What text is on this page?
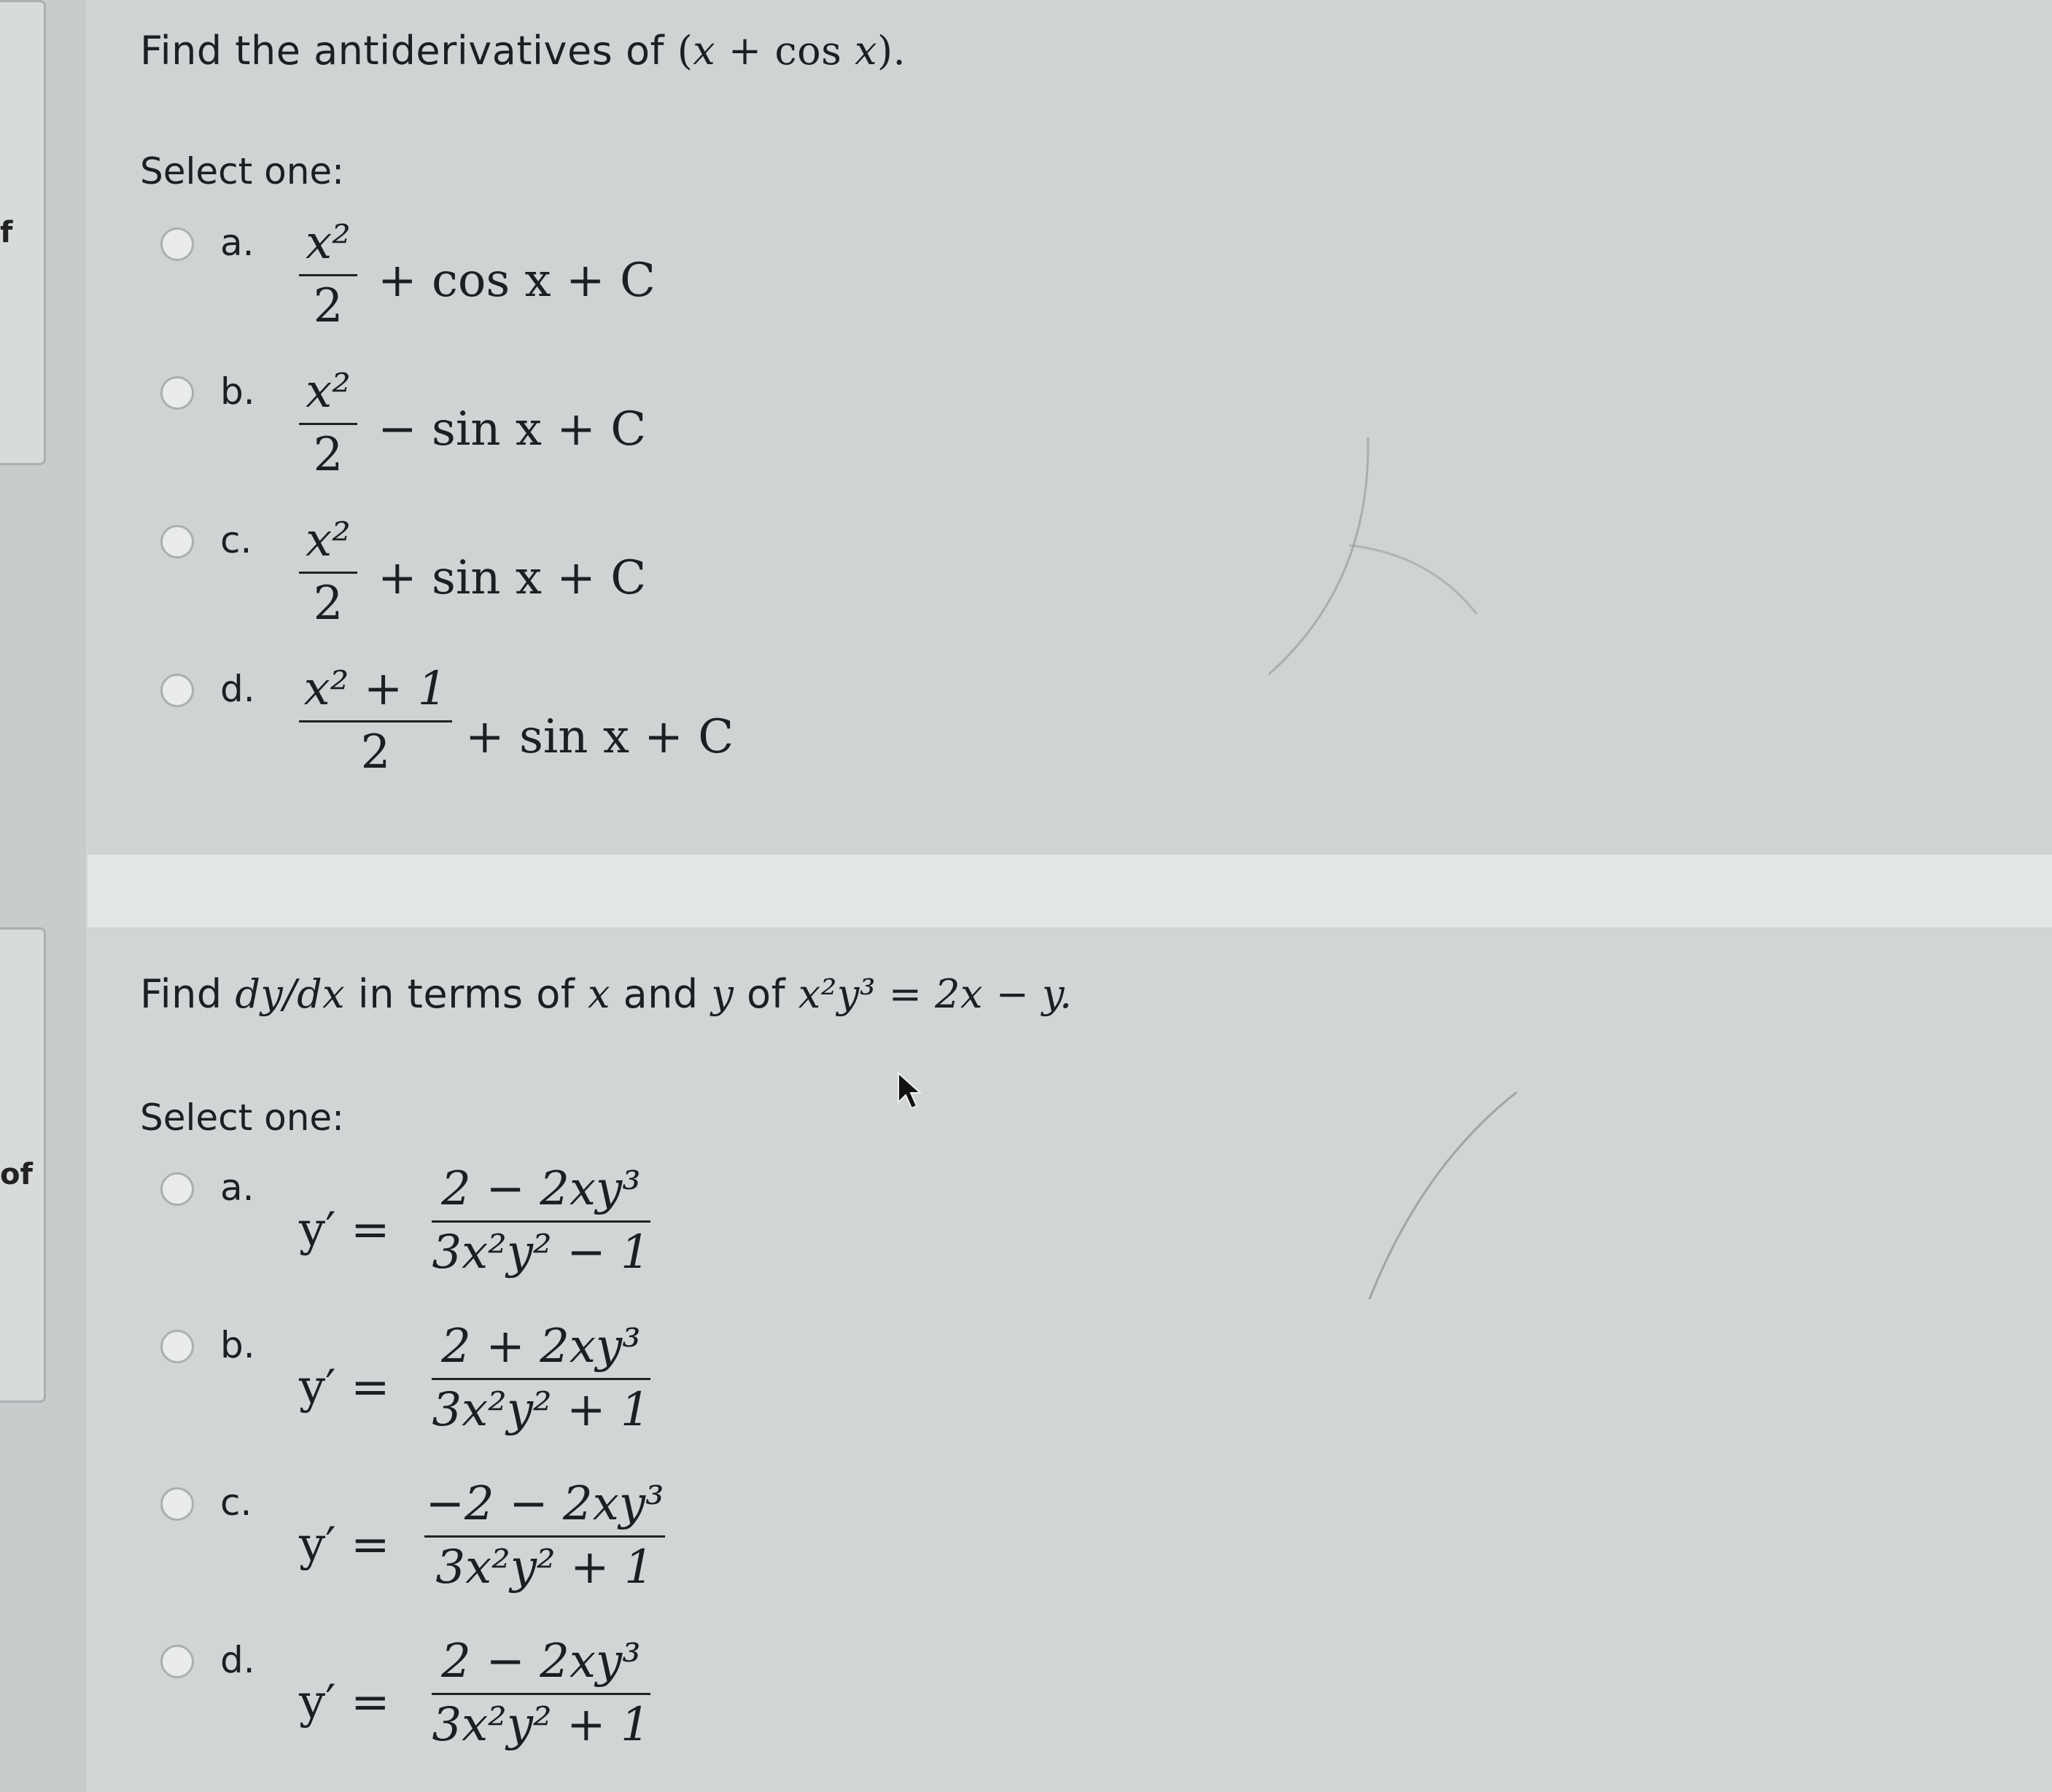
f
of
Find the antiderivatives of (x + cos x).
Select one:
a. x²
2 + cos x + C
b. x²
2 − sin x + C
c. x²
2 + sin x + C
d. x² + 1
2	+ sin x + C
Find dy/dx in terms of x and y of x²y³ = 2x − y.
Select one:
a.
y′ =
2 − 2xy³
3x²y² − 1
b.
y′ =
2 + 2xy³
3x²y² + 1
c.
y′ =
−2 − 2xy³
3x²y² + 1
d.
y′ =
2 − 2xy³
3x²y² + 1
